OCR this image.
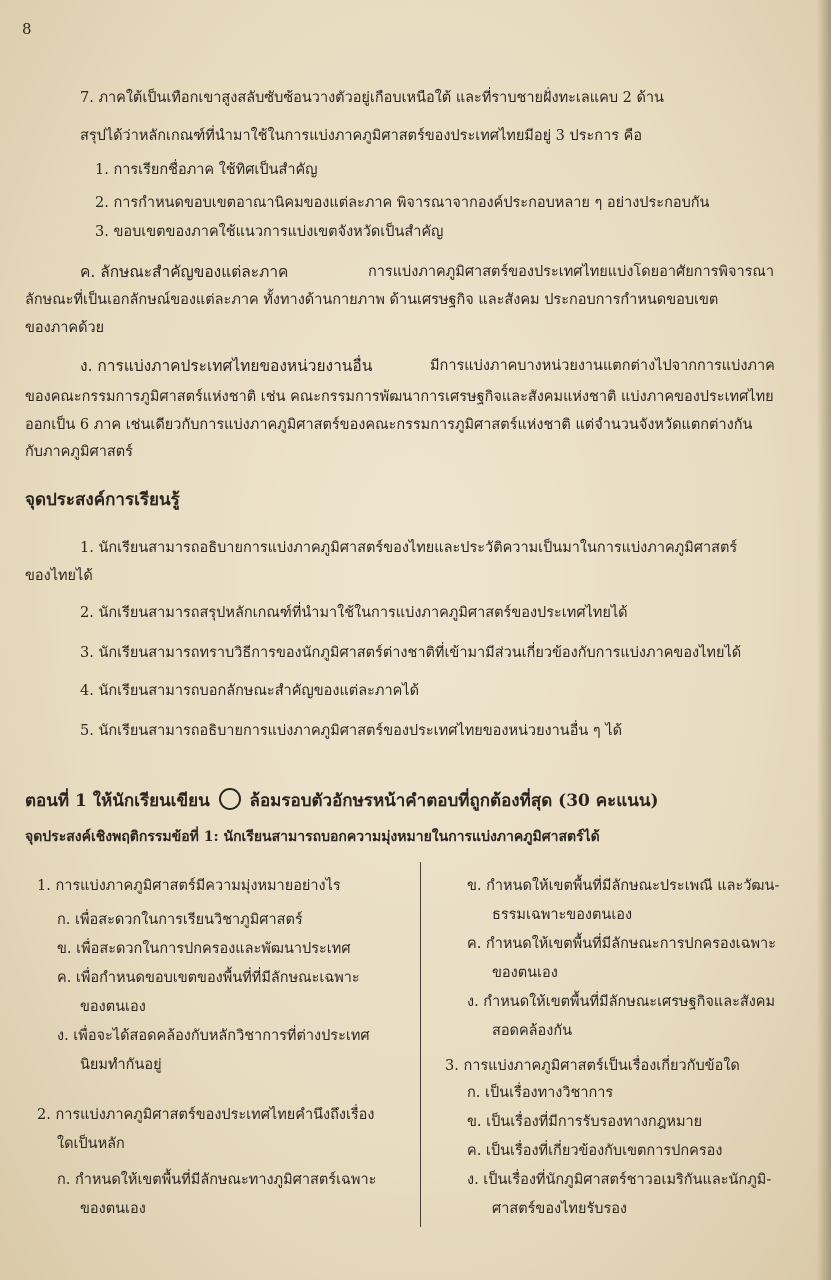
8
7. ภาคใต้เป็นเทือกเขาสูงสลับซับซ้อนวางตัวอยู่เกือบเหนือใต้ และที่ราบชายฝั่งทะเลแคบ 2 ด้าน
สรุปได้ว่าหลักเกณฑ์ที่นำมาใช้ในการแบ่งภาคภูมิศาสตร์ของประเทศไทยมีอยู่ 3 ประการ คือ
1. การเรียกชื่อภาค ใช้ทิศเป็นสำคัญ
2. การกำหนดขอบเขตอาณานิคมของแต่ละภาค พิจารณาจากองค์ประกอบหลาย ๆ อย่างประกอบกัน
3. ขอบเขตของภาคใช้แนวการแบ่งเขตจังหวัดเป็นสำคัญ
ค. ลักษณะสำคัญของแต่ละภาค	การแบ่งภาคภูมิศาสตร์ของประเทศไทยแบ่งโดยอาศัยการพิจารณา
ลักษณะที่เป็นเอกลักษณ์ของแต่ละภาค ทั้งทางด้านกายภาพ ด้านเศรษฐกิจ และสังคม ประกอบการกำหนดขอบเขต
ของภาคด้วย
ง. การแบ่งภาคประเทศไทยของหน่วยงานอื่น	มีการแบ่งภาคบางหน่วยงานแตกต่างไปจากการแบ่งภาค
ของคณะกรรมการภูมิศาสตร์แห่งชาติ เช่น คณะกรรมการพัฒนาการเศรษฐกิจและสังคมแห่งชาติ แบ่งภาคของประเทศไทย
ออกเป็น 6 ภาค เช่นเดียวกับการแบ่งภาคภูมิศาสตร์ของคณะกรรมการภูมิศาสตร์แห่งชาติ แต่จำนวนจังหวัดแตกต่างกัน
กับภาคภูมิศาสตร์
จุดประสงค์การเรียนรู้
1. นักเรียนสามารถอธิบายการแบ่งภาคภูมิศาสตร์ของไทยและประวัติความเป็นมาในการแบ่งภาคภูมิศาสตร์
ของไทยได้
2. นักเรียนสามารถสรุปหลักเกณฑ์ที่นำมาใช้ในการแบ่งภาคภูมิศาสตร์ของประเทศไทยได้
3. นักเรียนสามารถทราบวิธีการของนักภูมิศาสตร์ต่างชาติที่เข้ามามีส่วนเกี่ยวข้องกับการแบ่งภาคของไทยได้
4. นักเรียนสามารถบอกลักษณะสำคัญของแต่ละภาคได้
5. นักเรียนสามารถอธิบายการแบ่งภาคภูมิศาสตร์ของประเทศไทยของหน่วยงานอื่น ๆ ได้
ตอนที่ 1 ให้นักเรียนเขียน ล้อมรอบตัวอักษรหน้าคำตอบที่ถูกต้องที่สุด (30 คะแนน)
จุดประสงค์เชิงพฤติกรรมข้อที่ 1: นักเรียนสามารถบอกความมุ่งหมายในการแบ่งภาคภูมิศาสตร์ได้
1. การแบ่งภาคภูมิศาสตร์มีความมุ่งหมายอย่างไร
ก. เพื่อสะดวกในการเรียนวิชาภูมิศาสตร์
ข. เพื่อสะดวกในการปกครองและพัฒนาประเทศ
ค. เพื่อกำหนดขอบเขตของพื้นที่ที่มีลักษณะเฉพาะ
ของตนเอง
ง. เพื่อจะได้สอดคล้องกับหลักวิชาการที่ต่างประเทศ
นิยมทำกันอยู่
2. การแบ่งภาคภูมิศาสตร์ของประเทศไทยคำนึงถึงเรื่อง
ใดเป็นหลัก
ก. กำหนดให้เขตพื้นที่มีลักษณะทางภูมิศาสตร์เฉพาะ
ของตนเอง
ข. กำหนดให้เขตพื้นที่มีลักษณะประเพณี และวัฒน-
ธรรมเฉพาะของตนเอง
ค. กำหนดให้เขตพื้นที่มีลักษณะการปกครองเฉพาะ
ของตนเอง
ง. กำหนดให้เขตพื้นที่มีลักษณะเศรษฐกิจและสังคม
สอดคล้องกัน
3. การแบ่งภาคภูมิศาสตร์เป็นเรื่องเกี่ยวกับข้อใด
ก. เป็นเรื่องทางวิชาการ
ข. เป็นเรื่องที่มีการรับรองทางกฎหมาย
ค. เป็นเรื่องที่เกี่ยวข้องกับเขตการปกครอง
ง. เป็นเรื่องที่นักภูมิศาสตร์ชาวอเมริกันและนักภูมิ-
ศาสตร์ของไทยรับรอง
